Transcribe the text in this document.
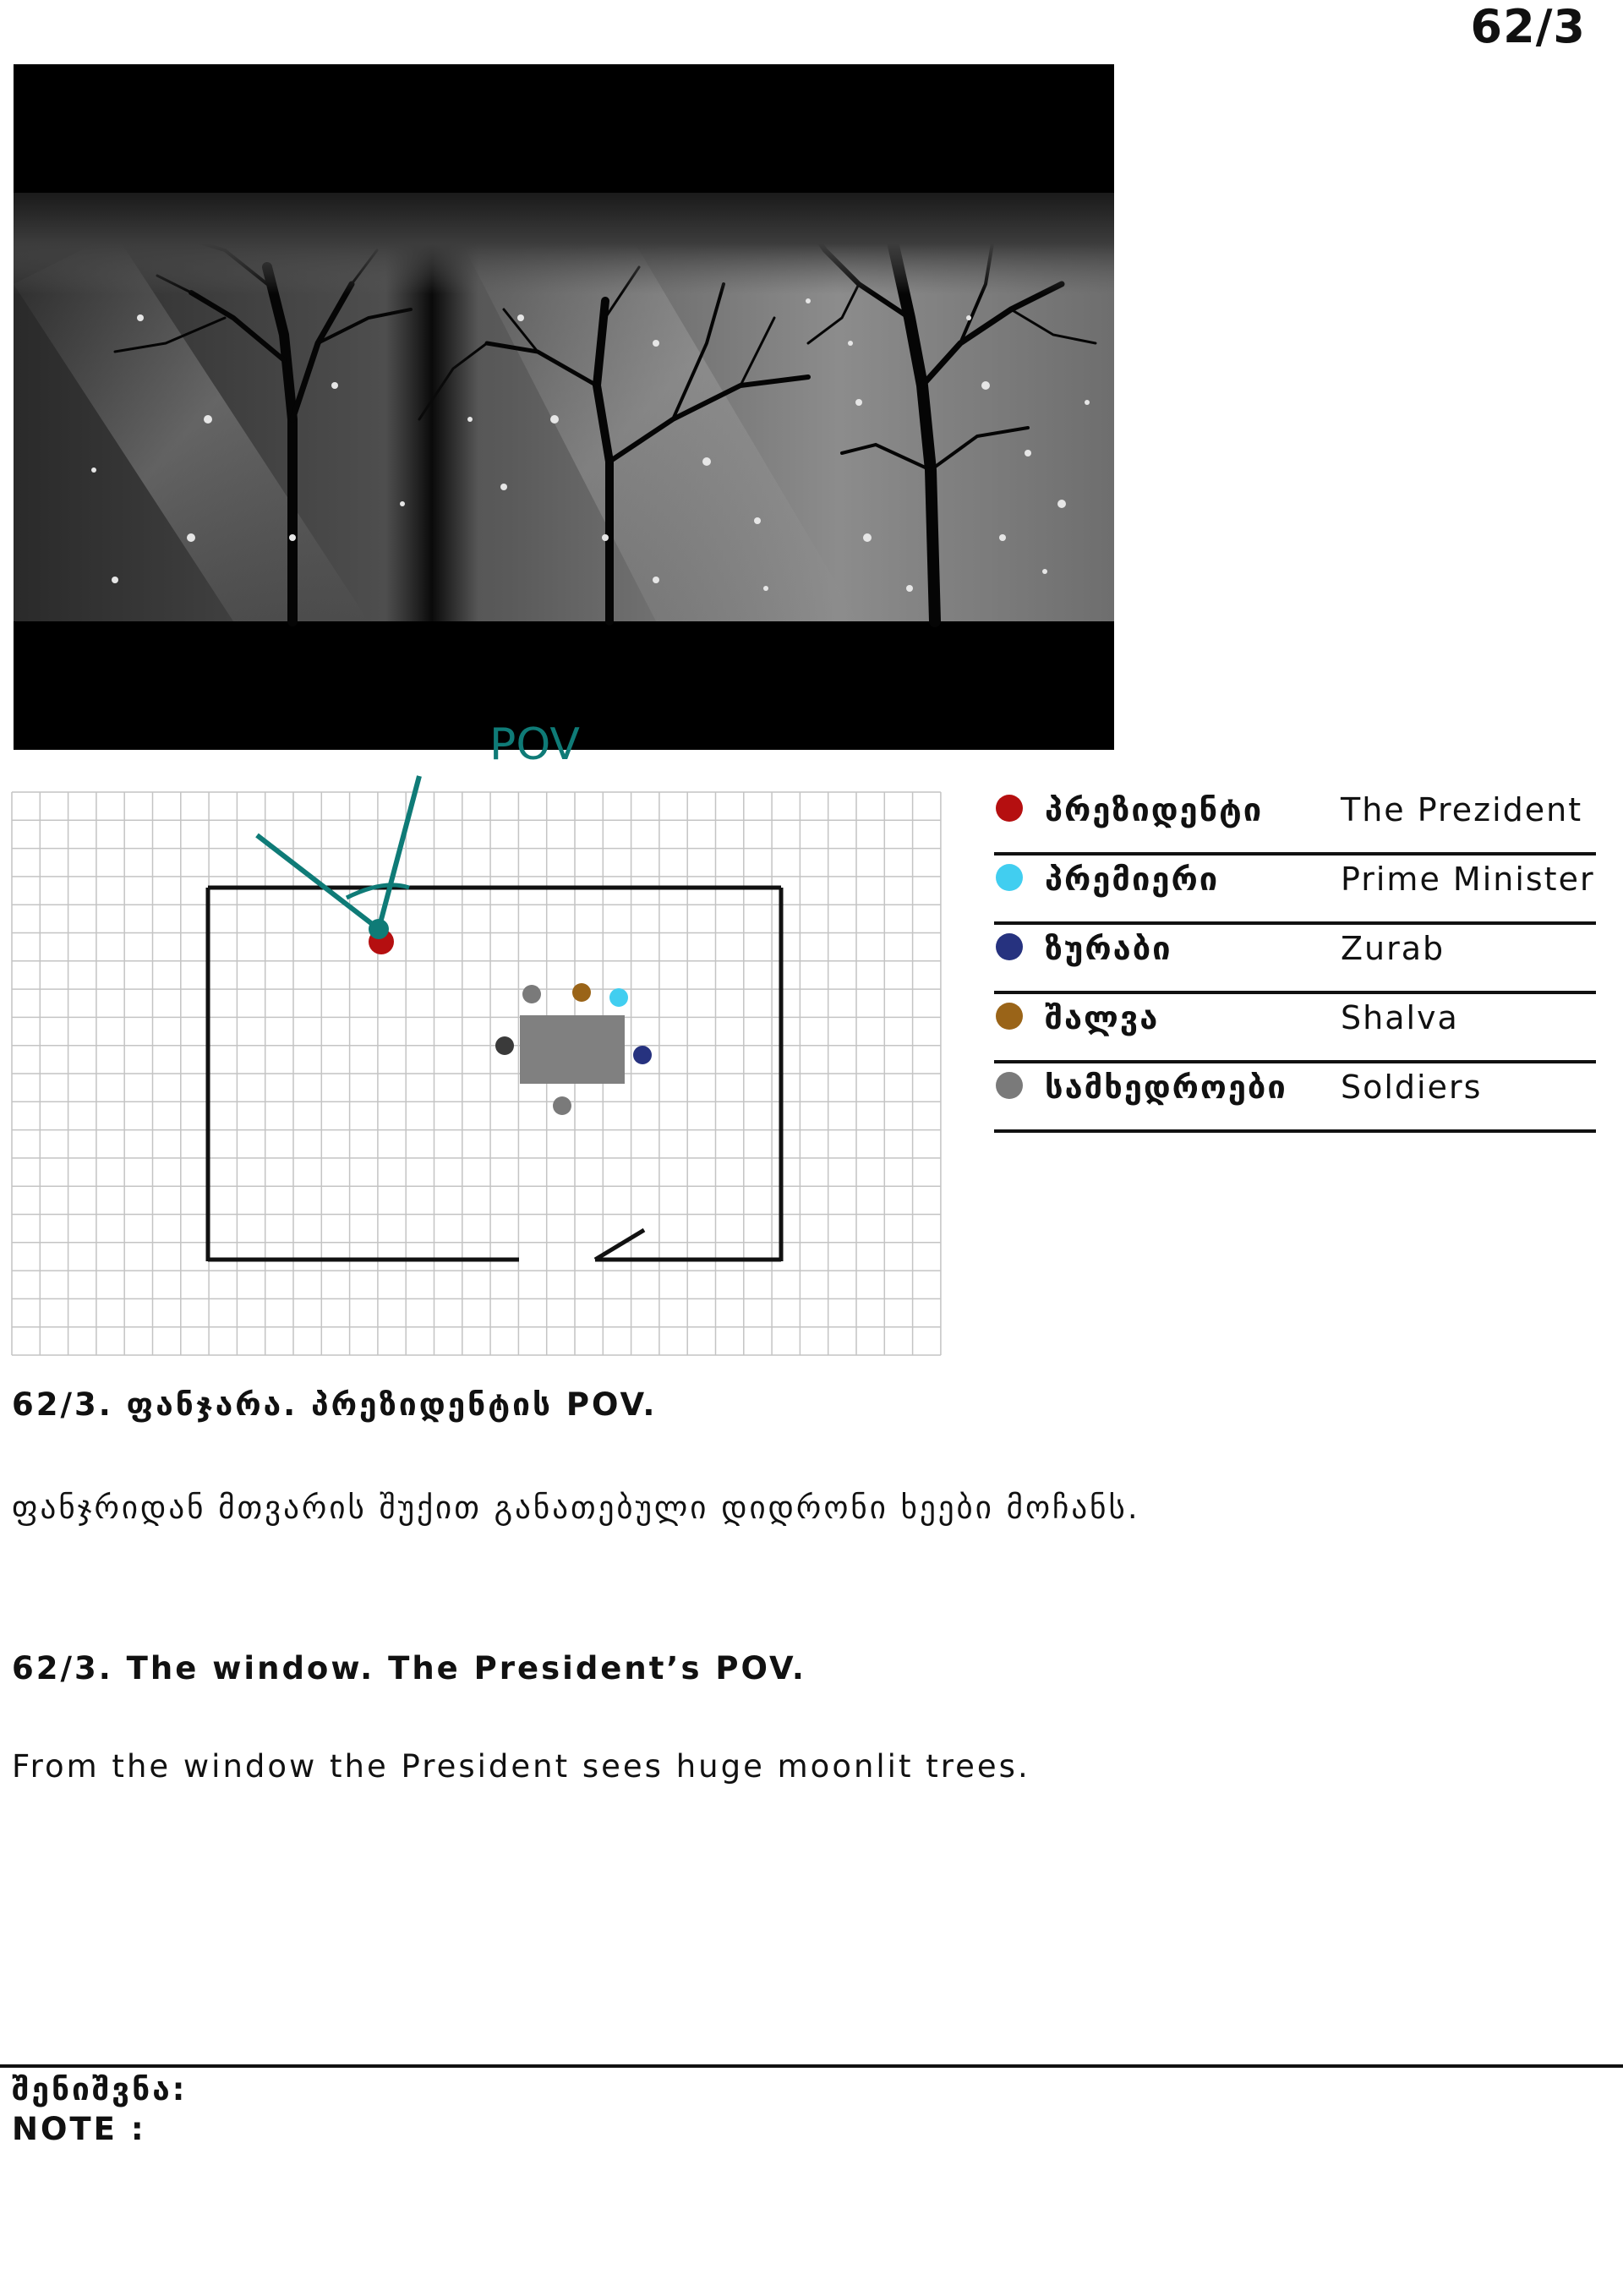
62/3
POV
პრეზიდენტი The Prezident
პრემიერი	Prime Minister
ზურაბი	Zurab
შალვა	Shalva
სამხედროები Soldiers
62/3. ფანჯარა. პრეზიდენტის POV.
ფანჯრიდან მთვარის შუქით განათებული დიდრონი ხეები მოჩანს.
62/3. The window. The President’s POV.
From the window the President sees huge moonlit trees.
შენიშვნა:
NOTE :
